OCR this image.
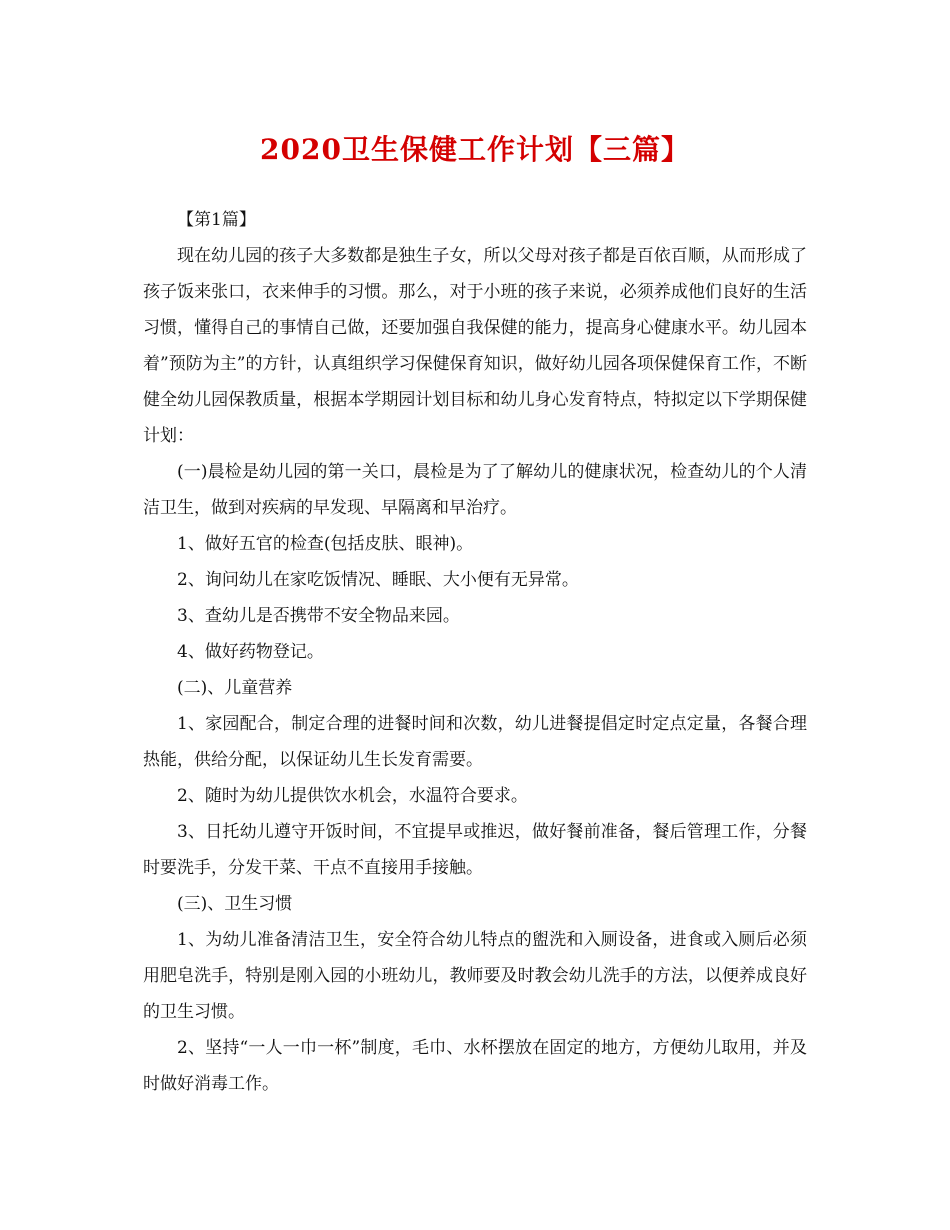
2020卫生保健工作计划【三篇】

【第1篇】

现在幼儿园的孩子大多数都是独生子女，所以父母对孩子都是百依百顺，从而形成了孩子饭来张口，衣来伸手的习惯。那么，对于小班的孩子来说，必须养成他们良好的生活习惯，懂得自己的事情自己做，还要加强自我保健的能力，提高身心健康水平。幼儿园本着”预防为主”的方针，认真组织学习保健保育知识，做好幼儿园各项保健保育工作，不断健全幼儿园保教质量，根据本学期园计划目标和幼儿身心发育特点，特拟定以下学期保健计划：

(一)晨检是幼儿园的第一关口，晨检是为了了解幼儿的健康状况，检查幼儿的个人清洁卫生，做到对疾病的早发现、早隔离和早治疗。

1、做好五官的检查(包括皮肤、眼神)。

2、询问幼儿在家吃饭情况、睡眠、大小便有无异常。

3、查幼儿是否携带不安全物品来园。

4、做好药物登记。

(二)、儿童营养

1、家园配合，制定合理的进餐时间和次数，幼儿进餐提倡定时定点定量，各餐合理热能，供给分配，以保证幼儿生长发育需要。

2、随时为幼儿提供饮水机会，水温符合要求。

3、日托幼儿遵守开饭时间，不宜提早或推迟，做好餐前准备，餐后管理工作，分餐时要洗手，分发干菜、干点不直接用手接触。

(三)、卫生习惯

1、为幼儿准备清洁卫生，安全符合幼儿特点的盥洗和入厕设备，进食或入厕后必须用肥皂洗手，特别是刚入园的小班幼儿，教师要及时教会幼儿洗手的方法，以便养成良好的卫生习惯。

2、坚持“一人一巾一杯”制度，毛巾、水杯摆放在固定的地方，方便幼儿取用，并及时做好消毒工作。
